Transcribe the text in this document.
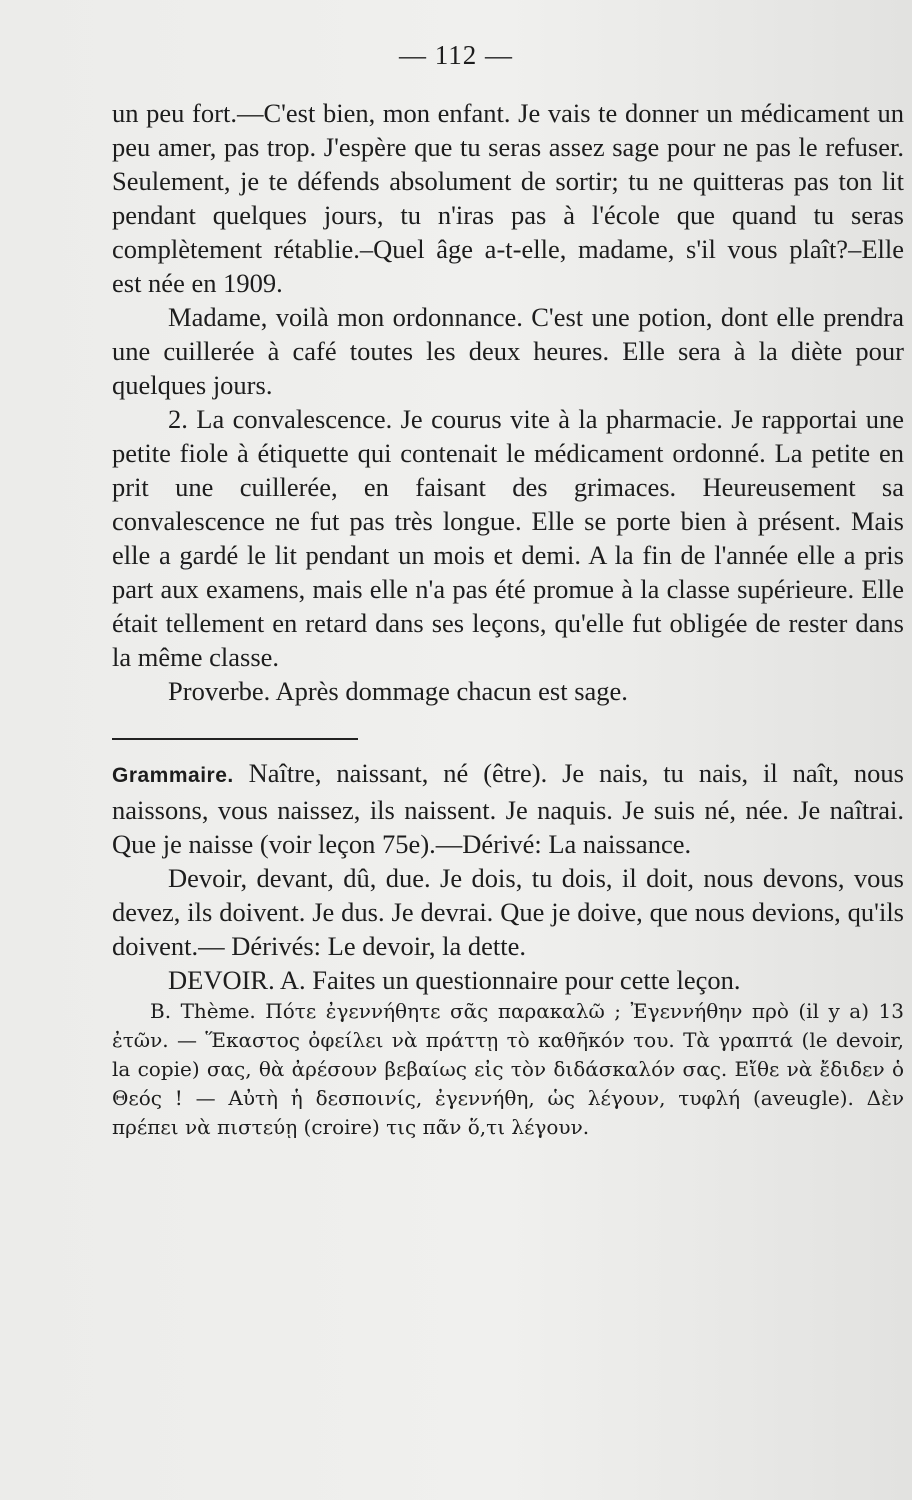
— 112 —

un peu fort.—C'est bien, mon enfant. Je vais te donner un médicament un peu amer, pas trop. J'espère que tu seras assez sage pour ne pas le refuser. Seulement, je te défends absolument de sortir; tu ne quitteras pas ton lit pendant quelques jours, tu n'iras pas à l'école que quand tu seras complètement rétablie.–Quel âge a-t-elle, madame, s'il vous plaît?–Elle est née en 1909.

Madame, voilà mon ordonnance. C'est une potion, dont elle prendra une cuillerée à café toutes les deux heures. Elle sera à la diète pour quelques jours.

2. La convalescence. Je courus vite à la pharmacie. Je rapportai une petite fiole à étiquette qui contenait le médicament ordonné. La petite en prit une cuillerée, en faisant des grimaces. Heureusement sa convalescence ne fut pas très longue. Elle se porte bien à présent. Mais elle a gardé le lit pendant un mois et demi. A la fin de l'année elle a pris part aux examens, mais elle n'a pas été promue à la classe supérieure. Elle était tellement en retard dans ses leçons, qu'elle fut obligée de rester dans la même classe.

Proverbe. Après dommage chacun est sage.

Grammaire. Naître, naissant, né (être). Je nais, tu nais, il naît, nous naissons, vous naissez, ils naissent. Je naquis. Je suis né, née. Je naîtrai. Que je naisse (voir leçon 75e).—Dérivé: La naissance.

Devoir, devant, dû, due. Je dois, tu dois, il doit, nous devons, vous devez, ils doivent. Je dus. Je devrai. Que je doive, que nous devions, qu'ils doivent.— Dérivés: Le devoir, la dette.

DEVOIR. A. Faites un questionnaire pour cette leçon.

B. Thème. Πότε ἐγεννήθητε σᾶς παρακαλῶ ; Ἐγεννήθην πρὸ (il y a) 13 ἐτῶν. — Ἕκαστος ὀφείλει νὰ πράττῃ τὸ καθῆκόν του. Τὰ γραπτά (le devoir, la copie) σας, θὰ ἀρέσουν βεβαίως εἰς τὸν διδάσκαλόν σας. Εἴθε νὰ ἔδιδεν ὁ Θεός ! — Αὐτὴ ἡ δεσποινίς, ἐγεννήθη, ὡς λέγουν, τυφλή (aveugle). Δὲν πρέπει νὰ πιστεύῃ (croire) τις πᾶν ὅ,τι λέγουν.
